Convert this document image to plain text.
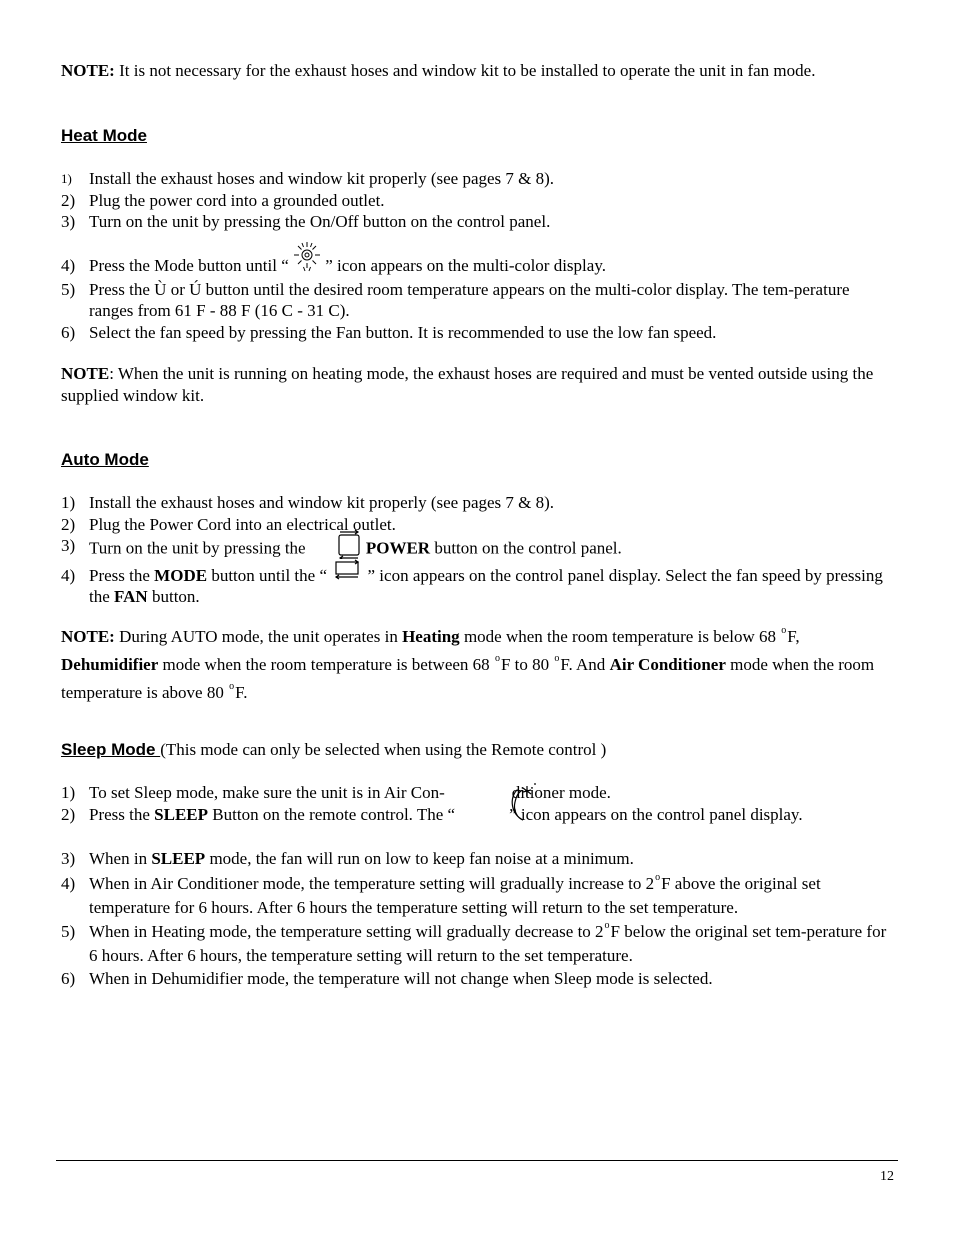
NOTE: It is not necessary for the exhaust hoses and window kit to be installed to operate the unit in fan mode.
Heat Mode
1) Install the exhaust hoses and window kit properly (see pages 7 & 8).
2) Plug the power cord into a grounded outlet.
3) Turn on the unit by pressing the On/Off button on the control panel.
4) Press the Mode button until “  ” icon appears on the multi-color display.
5) Press the Ù or Ú button until the desired room temperature appears on the multi-color display. The tem-perature ranges from 61 F - 88 F (16 C - 31 C).
6) Select the fan speed by pressing the Fan button. It is recommended to use the low fan speed.
NOTE: When the unit is running on heating mode, the exhaust hoses are required and must be vented outside using the supplied window kit.
Auto Mode
1) Install the exhaust hoses and window kit properly (see pages 7 & 8).
2) Plug the Power Cord into an electrical outlet.
3) Turn on the unit by pressing the	POWER button on the control panel.
4) Press the MODE button until the “  ” icon appears on the control panel display. Select the fan speed by pressing the FAN button.
NOTE: During AUTO mode, the unit operates in Heating mode when the room temperature is below 68 $^o$F, Dehumidifier mode when the room temperature is between 68 $^o$F to 80 $^o$F. And Air Conditioner mode when the room temperature is above 80 $^o$F.
Sleep Mode (This mode can only be selected when using the Remote control )
1) To set Sleep mode, make sure the unit is in Air Con-	ditioner mode.
2) Press the SLEEP Button on the remote control. The “	” icon appears on the control panel display.
3) When in SLEEP mode, the fan will run on low to keep fan noise at a minimum.
4) When in Air Conditioner mode, the temperature setting will gradually increase to 2$^o$F above the original set temperature for 6 hours. After 6 hours the temperature setting will return to the set temperature.
5) When in Heating mode, the temperature setting will gradually decrease to 2$^o$F below the original set tem-perature for 6 hours. After 6 hours, the temperature setting will return to the set temperature.
6) When in Dehumidifier mode, the temperature will not change when Sleep mode is selected.
12
